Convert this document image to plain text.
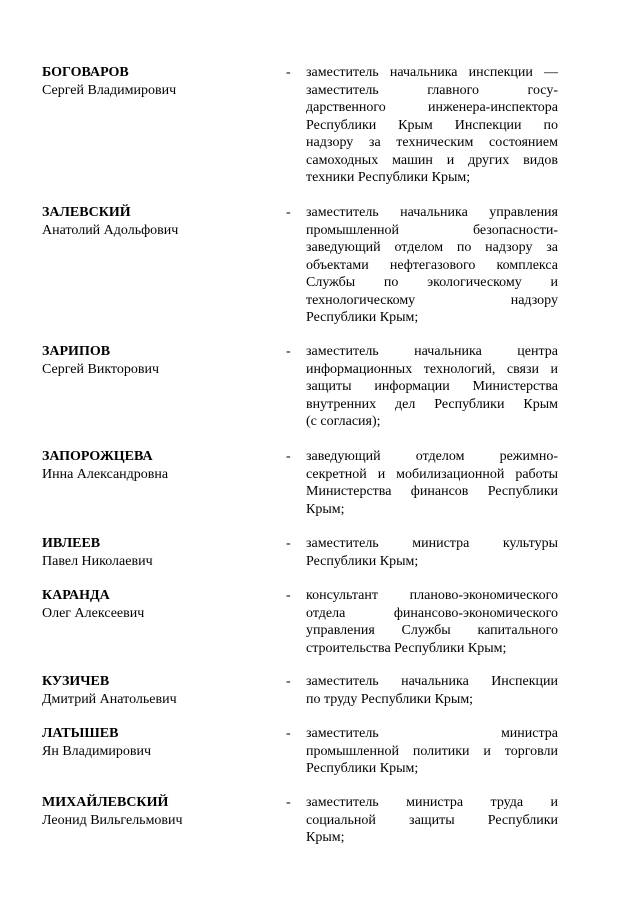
БОГОВАРОВ

Сергей Владимирович

- заместитель начальника инспекции —
заместитель главного госу-
дарственного инженера-инспектора
Республики Крым Инспекции по
надзору за техническим состоянием
самоходных машин и других видов
техники Республики Крым;

ЗАЛЕВСКИЙ

Анатолий Адольфович

- заместитель начальника управления
промышленной безопасности-
заведующий отделом по надзору за
объектами нефтегазового комплекса
Службы по экологическому и
технологическому надзору
Республики Крым;

ЗАРИПОВ

Сергей Викторович

- заместитель начальника центра
информационных технологий, связи и
защиты информации Министерства
внутренних дел Республики Крым
(с согласия);

ЗАПОРОЖЦЕВА

Инна Александровна

- заведующий отделом режимно-
секретной и мобилизационной работы
Министерства финансов Республики
Крым;

ИВЛЕЕВ

Павел Николаевич

- заместитель министра культуры
Республики Крым;

КАРАНДА

Олег Алексеевич

- консультант планово-экономического
отдела финансово-экономического
управления Службы капитального
строительства Республики Крым;

КУЗИЧЕВ

Дмитрий Анатольевич

- заместитель начальника Инспекции
по труду Республики Крым;

ЛАТЫШЕВ

Ян Владимирович

- заместитель министра
промышленной политики и торговли
Республики Крым;

МИХАЙЛЕВСКИЙ

Леонид Вильгельмович

- заместитель министра труда и
социальной защиты Республики
Крым;
